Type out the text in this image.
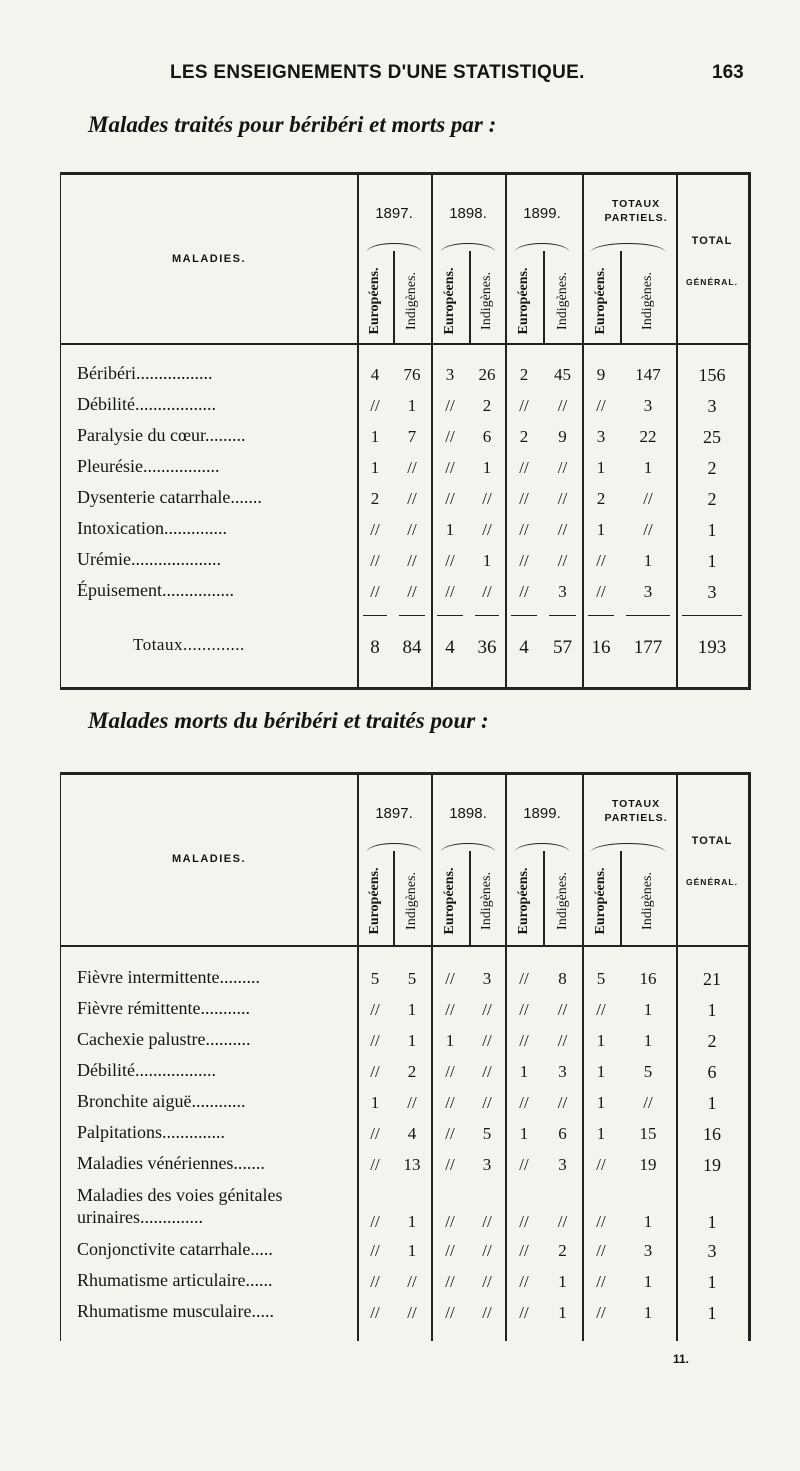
LES ENSEIGNEMENTS D'UNE STATISTIQUE.	163
Malades traités pour béribéri et morts par :
MALADIES.
1897.	1898.	1899.
TOTAUX
PARTIELS.
TOTAL
GÉNÉRAL.
Européens. Indigènes. Européens. Indigènes. Européens. Indigènes. Européens. Indigènes.
Béribéri.................	4	76	3	26	2	45	9	147	156
Débilité..................	//	1	//	2	//	//	//	3	3
Paralysie du cœur.........	1	7	//	6	2	9	3	22	25
Pleurésie.................	1	//	//	1	//	//	1	1	2
Dysenterie catarrhale.......	2	//	//	//	//	//	2	//	2
Intoxication..............	//	//	1	//	//	//	1	//	1
Urémie....................	//	//	//	1	//	//	//	1	1
Épuisement................	//	//	//	//	//	3	//	3	3
Totaux.............	8	84	4	36	4	57	16	177	193
Malades morts du béribéri et traités pour :
MALADIES.
1897.	1898.	1899.
TOTAUX
PARTIELS.
TOTAL
GÉNÉRAL.
Européens. Indigènes. Européens. Indigènes. Européens. Indigènes. Européens. Indigènes.
Fièvre intermittente.........	5	5	//	3	//	8	5	16	21
Fièvre rémittente...........	//	1	//	//	//	//	//	1	1
Cachexie palustre..........	//	1	1	//	//	//	1	1	2
Débilité..................	//	2	//	//	1	3	1	5	6
Bronchite aiguë............	1	//	//	//	//	//	1	//	1
Palpitations..............	//	4	//	5	1	6	1	15	16
Maladies vénériennes.......	//	13	//	3	//	3	//	19	19
Maladies des voies génitales urinaires..............	//	1	//	//	//	//	//	1	1
Conjonctivite catarrhale.....	//	1	//	//	//	2	//	3	3
Rhumatisme articulaire......	//	//	//	//	//	1	//	1	1
Rhumatisme musculaire.....	//	//	//	//	//	1	//	1	1
11.
